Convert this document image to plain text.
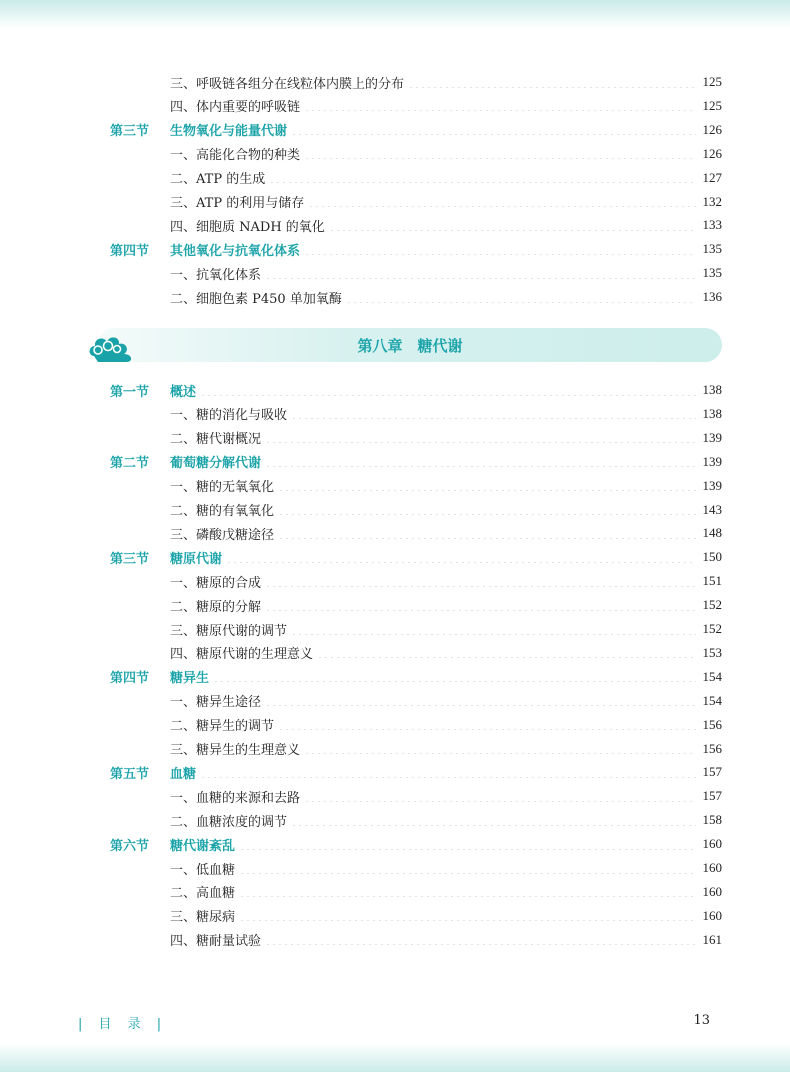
三、呼吸链各组分在线粒体内膜上的分布	125
四、体内重要的呼吸链	125
第三节	生物氧化与能量代谢	126
一、高能化合物的种类	126
二、ATP 的生成	127
三、ATP 的利用与储存	132
四、细胞质 NADH 的氧化	133
第四节	其他氧化与抗氧化体系	135
一、抗氧化体系	135
二、细胞色素 P450 单加氧酶	136
第一节	概述	138
一、糖的消化与吸收	138
二、糖代谢概况	139
第二节	葡萄糖分解代谢	139
一、糖的无氧氧化	139
二、糖的有氧氧化	143
三、磷酸戊糖途径	148
第三节	糖原代谢	150
一、糖原的合成	151
二、糖原的分解	152
三、糖原代谢的调节	152
四、糖原代谢的生理意义	153
第四节	糖异生	154
一、糖异生途径	154
二、糖异生的调节	156
三、糖异生的生理意义	156
第五节	血糖	157
一、血糖的来源和去路	157
二、血糖浓度的调节	158
第六节	糖代谢紊乱	160
一、低血糖	160
二、高血糖	160
三、糖尿病	160
四、糖耐量试验	161
第八章　糖代谢
| 目 录 |	13
